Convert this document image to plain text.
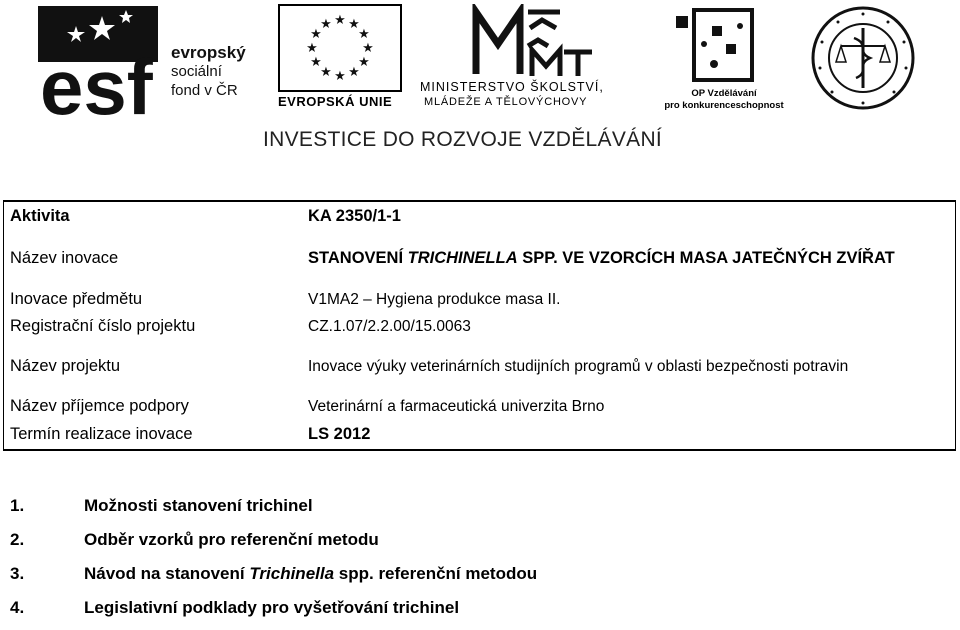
esf evropský
sociální
fond v ČR
★ ★
★
★
★
★
★
★
★
★
★
★
EVROPSKÁ UNIE
MINISTERSTVO ŠKOLSTVÍ,
MLÁDEŽE A TĚLOVÝCHOVY
OP Vzdělávání
pro konkurenceschopnost
INVESTICE DO ROZVOJE VZDĚLÁVÁNÍ
Aktivita	KA 2350/1-1
Název inovace	STANOVENÍ TRICHINELLA SPP. VE VZORCÍCH MASA JATEČNÝCH ZVÍŘAT
Inovace předmětu	V1MA2 – Hygiena produkce masa II.
Registrační číslo projektu	CZ.1.07/2.2.00/15.0063
Název projektu	Inovace výuky veterinárních studijních programů v oblasti bezpečnosti potravin
Název příjemce podpory	Veterinární a farmaceutická univerzita Brno
Termín realizace inovace	LS 2012
1.	Možnosti stanovení trichinel
2.	Odběr vzorků pro referenční metodu
3.	Návod na stanovení Trichinella spp. referenční metodou
4.	Legislativní podklady pro vyšetřování trichinel
